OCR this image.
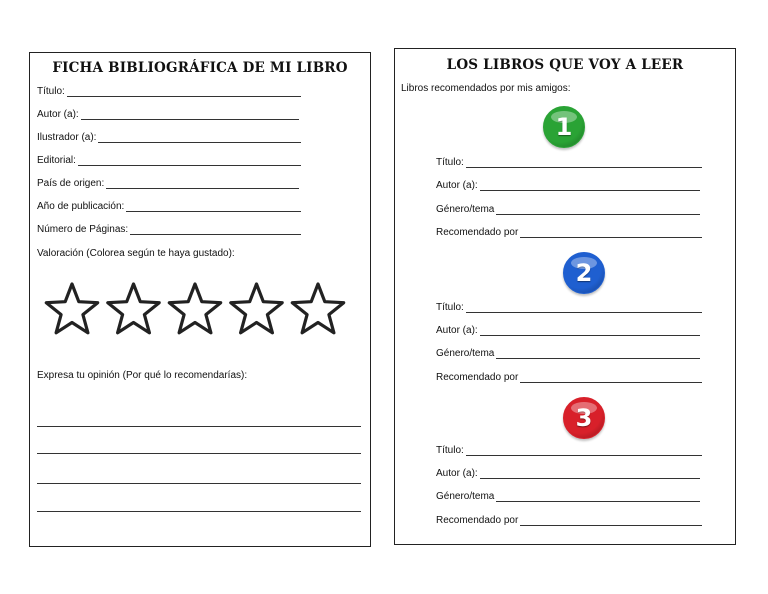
FICHA BIBLIOGRÁFICA DE MI LIBRO
Título:
Autor (a):
Ilustrador (a):
Editorial:
País de origen:
Año de publicación:
Número de Páginas:
Valoración (Colorea según te haya gustado):
Expresa tu opinión (Por qué lo recomendarías):
LOS LIBROS QUE VOY A LEER
Libros recomendados por mis amigos:
1
Título:
Autor (a):
Género/tema
Recomendado por
2
Título:
Autor (a):
Género/tema
Recomendado por
3
Título:
Autor (a):
Género/tema
Recomendado por
